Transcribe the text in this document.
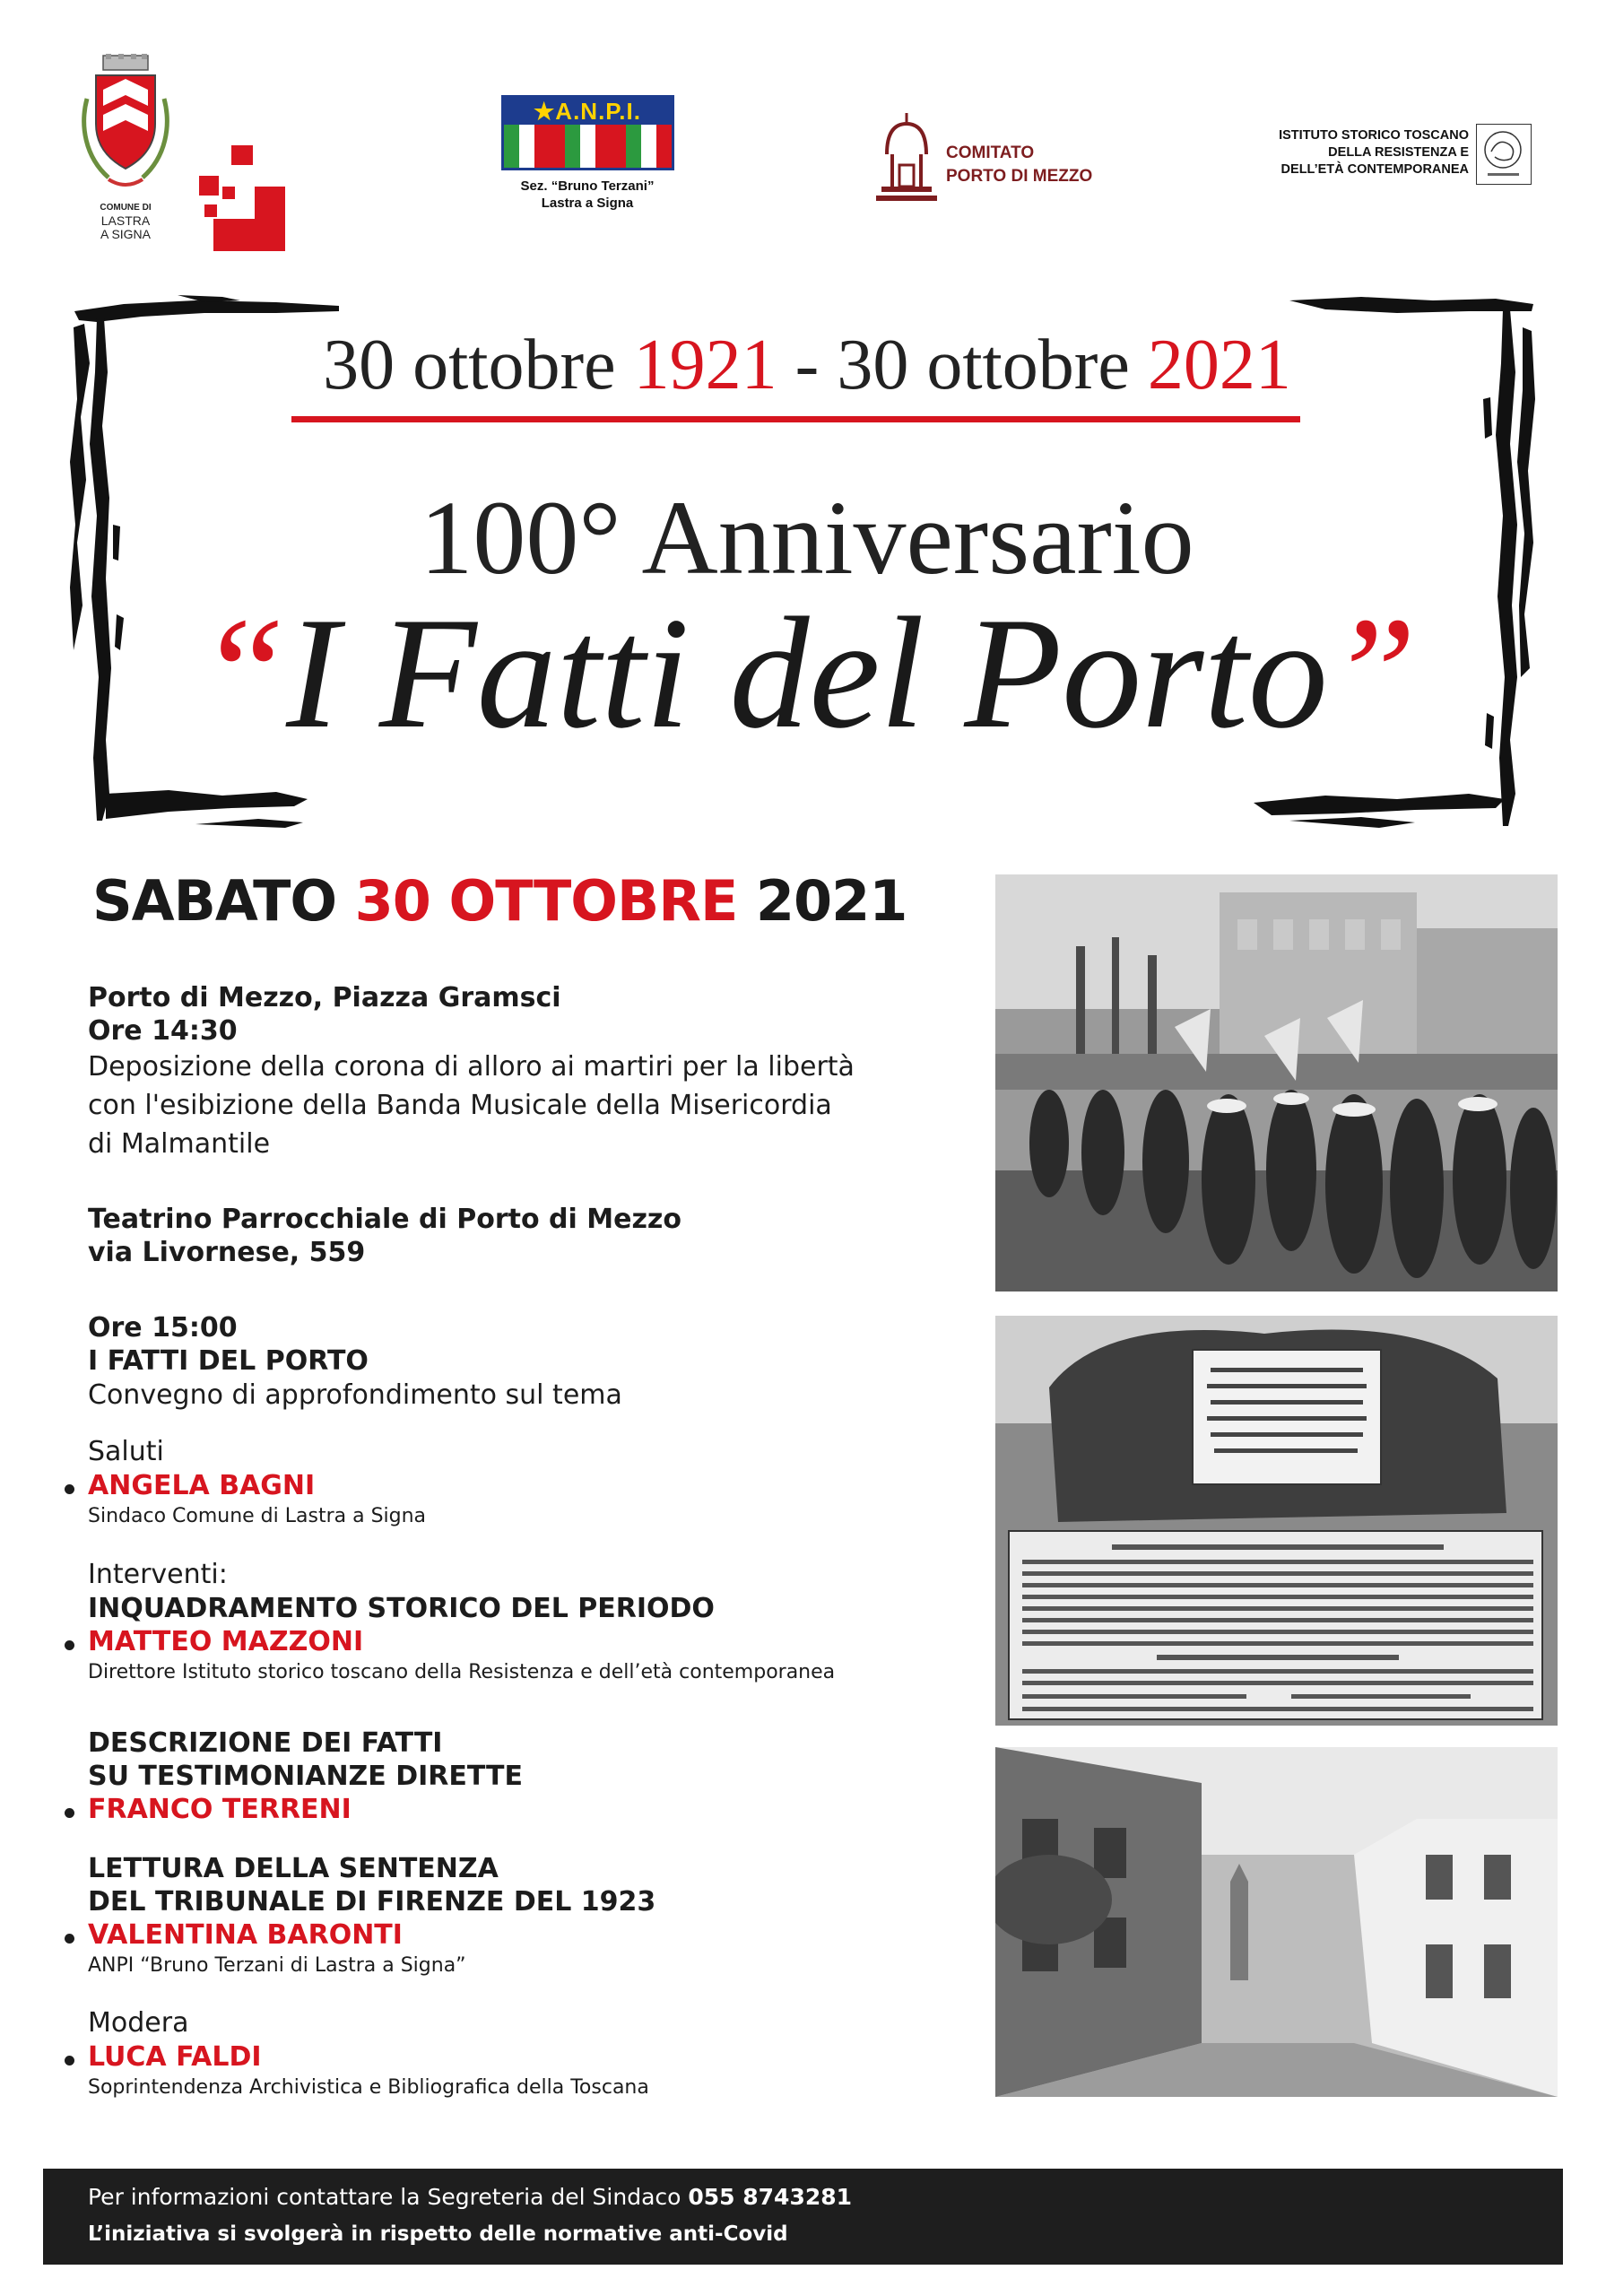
COMUNE DI
LASTRA
A SIGNA
★A.N.P.I.
Sez. “Bruno Terzani”
Lastra a Signa
COMITATO
PORTO DI MEZZO
ISTITUTO STORICO TOSCANO
DELLA RESISTENZA E
DELL’ETÀ CONTEMPORANEA
30 ottobre 1921 - 30 ottobre 2021
100° Anniversario
“I Fatti del Porto”
SABATO 30 OTTOBRE 2021
Porto di Mezzo, Piazza Gramsci
Ore 14:30
Deposizione della corona di alloro ai martiri per la libertà
con l'esibizione della Banda Musicale della Misericordia
di Malmantile
Teatrino Parrocchiale di Porto di Mezzo
via Livornese, 559
Ore 15:00
I FATTI DEL PORTO
Convegno di approfondimento sul tema
Saluti
ANGELA BAGNI
Sindaco Comune di Lastra a Signa
Interventi:
INQUADRAMENTO STORICO DEL PERIODO
MATTEO MAZZONI
Direttore Istituto storico toscano della Resistenza e dell’età contemporanea
DESCRIZIONE DEI FATTI
SU TESTIMONIANZE DIRETTE
FRANCO TERRENI
LETTURA DELLA SENTENZA
DEL TRIBUNALE DI FIRENZE DEL 1923
VALENTINA BARONTI
ANPI “Bruno Terzani di Lastra a Signa”
Modera
LUCA FALDI
Soprintendenza Archivistica e Bibliografica della Toscana
Per informazioni contattare la Segreteria del Sindaco 055 8743281
L’iniziativa si svolgerà in rispetto delle normative anti-Covid
